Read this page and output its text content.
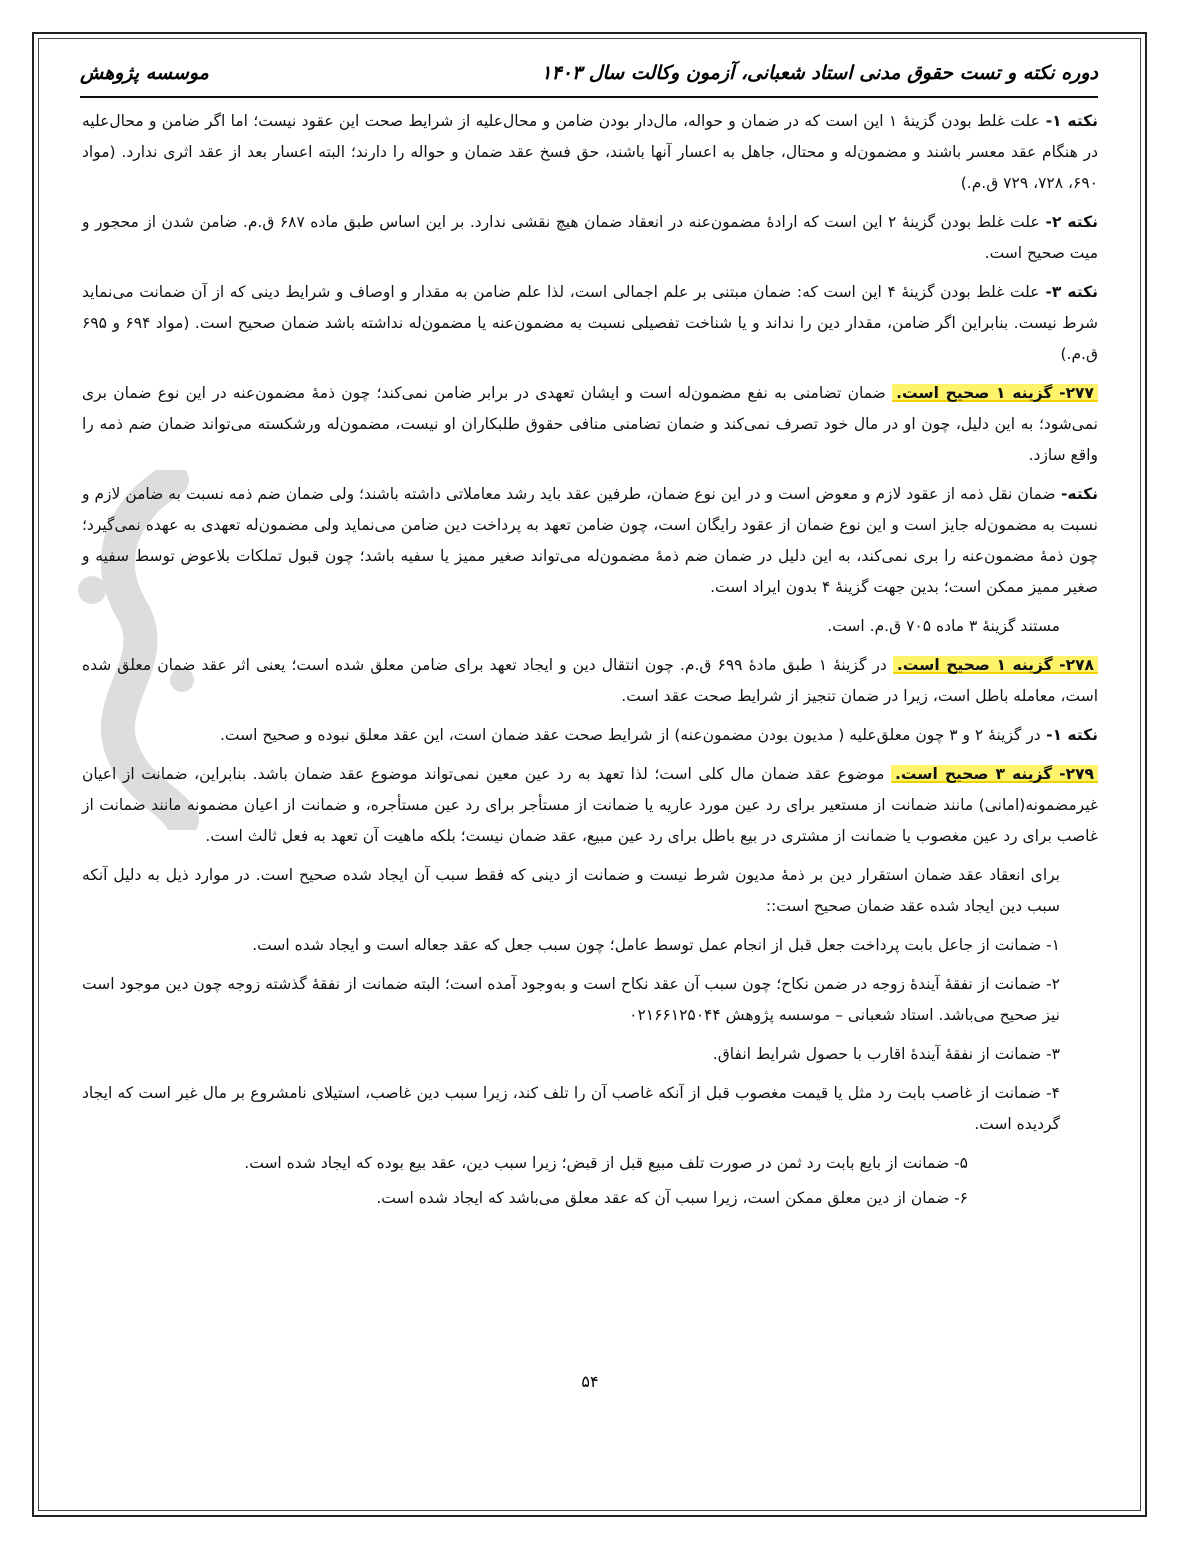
دوره نکته و تست حقوق مدنی استاد شعبانی، آزمون وکالت سال ۱۴۰۳
موسسه پژوهش

نکته ۱- علت غلط بودن گزینهٔ ۱ این است که در ضمان و حواله، مال‌دار بودن ضامن و محال‌علیه از شرایط صحت این عقود نیست؛ اما اگر ضامن و محال‌علیه در هنگام عقد معسر باشند و مضمون‌له و محتال، جاهل به اعسار آنها باشند، حق فسخ عقد ضمان و حواله را دارند؛ البته اعسار بعد از عقد اثری ندارد. (مواد ۶۹۰، ۷۲۸، ۷۲۹ ق.م.)

نکته ۲- علت غلط بودن گزینهٔ ۲ این است که ارادهٔ مضمون‌عنه در انعقاد ضمان هیچ نقشی ندارد. بر این اساس طبق ماده ۶۸۷ ق.م. ضامن شدن از محجور و میت صحیح است.

نکته ۳- علت غلط بودن گزینهٔ ۴ این است که: ضمان مبتنی بر علم اجمالی است، لذا علم ضامن به مقدار و اوصاف و شرایط دینی که از آن ضمانت می‌نماید شرط نیست. بنابراین اگر ضامن، مقدار دین را نداند و یا شناخت تفصیلی نسبت به مضمون‌عنه یا مضمون‌له نداشته باشد ضمان صحیح است. (مواد ۶۹۴ و ۶۹۵ ق.م.)

۲۷۷- گزینه ۱ صحیح است. ضمان تضامنی به نفع مضمون‌له است و ایشان تعهدی در برابر ضامن نمی‌کند؛ چون ذمهٔ مضمون‌عنه در این نوع ضمان بری نمی‌شود؛ به این دلیل، چون او در مال خود تصرف نمی‌کند و ضمان تضامنی منافی حقوق طلبکاران او نیست، مضمون‌له ورشکسته می‌تواند ضمان ضم ذمه را واقع سازد.

نکته- ضمان نقل ذمه از عقود لازم و معوض است و در این نوع ضمان، طرفین عقد باید رشد معاملاتی داشته باشند؛ ولی ضمان ضم ذمه نسبت به ضامن لازم و نسبت به مضمون‌له جایز است و این نوع ضمان از عقود رایگان است، چون ضامن تعهد به پرداخت دین ضامن می‌نماید ولی مضمون‌له تعهدی به عهده نمی‌گیرد؛ چون ذمهٔ مضمون‌عنه را بری نمی‌کند، به این دلیل در ضمان ضم ذمهٔ مضمون‌له می‌تواند صغیر ممیز یا سفیه باشد؛ چون قبول تملکات بلاعوض توسط سفیه و صغیر ممیز ممکن است؛ بدین جهت گزینهٔ ۴ بدون ایراد است.

مستند گزینهٔ ۳ ماده ۷۰۵ ق.م. است.

۲۷۸- گزینه ۱ صحیح است. در گزینهٔ ۱ طبق مادهٔ ۶۹۹ ق.م. چون انتقال دین و ایجاد تعهد برای ضامن معلق شده است؛ یعنی اثر عقد ضمان معلق شده است، معامله باطل است، زیرا در ضمان تنجیز از شرایط صحت عقد است.

نکته ۱- در گزینهٔ ۲ و ۳ چون معلق‌علیه ( مدیون بودن مضمون‌عنه) از شرایط صحت عقد ضمان است، این عقد معلق نبوده و صحیح است.

۲۷۹- گزینه ۳ صحیح است. موضوع عقد ضمان مال کلی است؛ لذا تعهد به رد عین معین نمی‌تواند موضوع عقد ضمان باشد. بنابراین، ضمانت از اعیان غیرمضمونه(امانی) مانند ضمانت از مستعیر برای رد عین مورد عاریه یا ضمانت از مستأجر برای رد عین مستأجره، و ضمانت از اعیان مضمونه مانند ضمانت از غاصب برای رد عین مغصوب یا ضمانت از مشتری در بیع باطل برای رد عین مبیع، عقد ضمان نیست؛ بلکه ماهیت آن تعهد به فعل ثالث است.

برای انعقاد عقد ضمان استقرار دین بر ذمهٔ مدیون شرط نیست و ضمانت از دینی که فقط سبب آن ایجاد شده صحیح است. در موارد ذیل به دلیل آنکه سبب دین ایجاد شده عقد ضمان صحیح است::

۱- ضمانت از جاعل بابت پرداخت جعل قبل از انجام عمل توسط عامل؛ چون سبب جعل که عقد جعاله است و ایجاد شده است.

۲- ضمانت از نفقهٔ آیندهٔ زوجه در ضمن نکاح؛ چون سبب آن عقد نکاح است و به‌وجود آمده است؛ البته ضمانت از نفقهٔ گذشته زوجه چون دین موجود است نیز صحیح می‌باشد. استاد شعبانی – موسسه پژوهش ۰۲۱۶۶۱۲۵۰۴۴

۳- ضمانت از نفقهٔ آیندهٔ اقارب با حصول شرایط انفاق.

۴- ضمانت از غاصب بابت رد مثل یا قیمت مغصوب قبل از آنکه غاصب آن را تلف کند، زیرا سبب دین غاصب، استیلای نامشروع بر مال غیر است که ایجاد گردیده است.

۵- ضمانت از بایع بابت رد ثمن در صورت تلف مبیع قبل از قبض؛ زیرا سبب دین، عقد بیع بوده که ایجاد شده است.

۶- ضمان از دین معلق ممکن است، زیرا سبب آن که عقد معلق می‌باشد که ایجاد شده است.

۵۴
